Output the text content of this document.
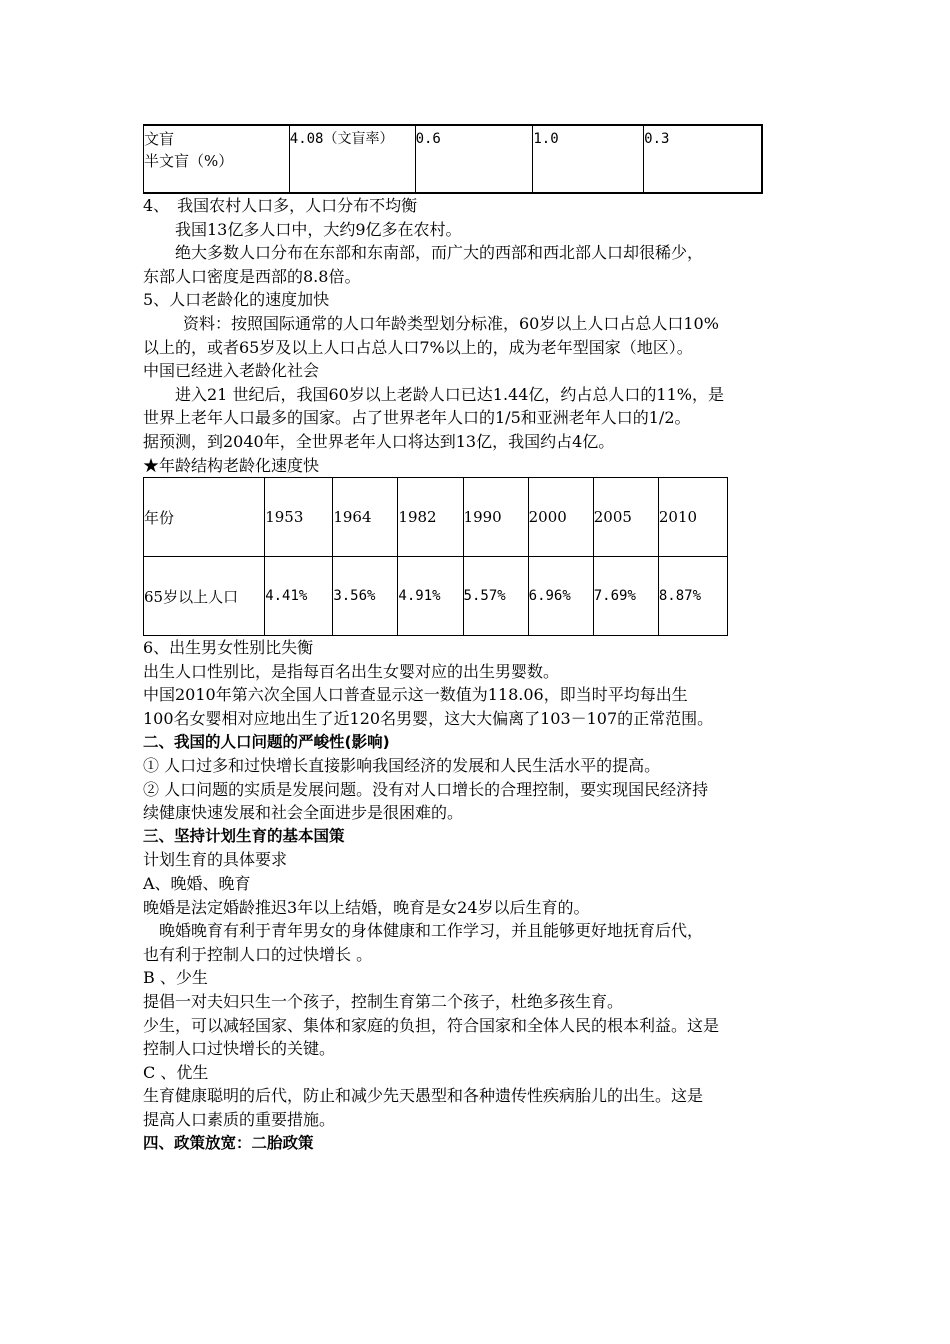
文盲
半文盲（%）
	4.08（文盲率）	0.6	1.0	0.3
4、　我国农村人口多，人口分布不均衡
我国13亿多人口中，大约9亿多在农村。
绝大多数人口分布在东部和东南部，而广大的西部和西北部人口却很稀少，
东部人口密度是西部的8.8倍。
5、人口老龄化的速度加快
资料：按照国际通常的人口年龄类型划分标准，60岁以上人口占总人口10%
以上的，或者65岁及以上人口占总人口7%以上的，成为老年型国家（地区）。
中国已经进入老龄化社会
进入21 世纪后，我国60岁以上老龄人口已达1.44亿，约占总人口的11%，是
世界上老年人口最多的国家。占了世界老年人口的1/5和亚洲老年人口的1/2。
据预测，到2040年，全世界老年人口将达到13亿，我国约占4亿。
★年龄结构老龄化速度快
年份	1953	1964	1982	1990	2000	2005	2010
65岁以上人口	4.41%	3.56%	4.91%	5.57%	6.96%	7.69%	8.87%
6、出生男女性别比失衡
出生人口性别比，是指每百名出生女婴对应的出生男婴数。
中国2010年第六次全国人口普查显示这一数值为118.06，即当时平均每出生
100名女婴相对应地出生了近120名男婴，这大大偏离了103－107的正常范围。
二、我国的人口问题的严峻性(影响)
① 人口过多和过快增长直接影响我国经济的发展和人民生活水平的提高。
② 人口问题的实质是发展问题。没有对人口增长的合理控制，要实现国民经济持
续健康快速发展和社会全面进步是很困难的。
三、坚持计划生育的基本国策
计划生育的具体要求
A、晚婚、晚育
晚婚是法定婚龄推迟3年以上结婚，晚育是女24岁以后生育的。
晚婚晚育有利于青年男女的身体健康和工作学习，并且能够更好地抚育后代，
也有利于控制人口的过快增长 。
B 、少生
提倡一对夫妇只生一个孩子，控制生育第二个孩子，杜绝多孩生育。
少生，可以减轻国家、集体和家庭的负担，符合国家和全体人民的根本利益。这是
控制人口过快增长的关键。
C 、优生
生育健康聪明的后代，防止和减少先天愚型和各种遗传性疾病胎儿的出生。这是
提高人口素质的重要措施。
四、政策放宽：二胎政策
